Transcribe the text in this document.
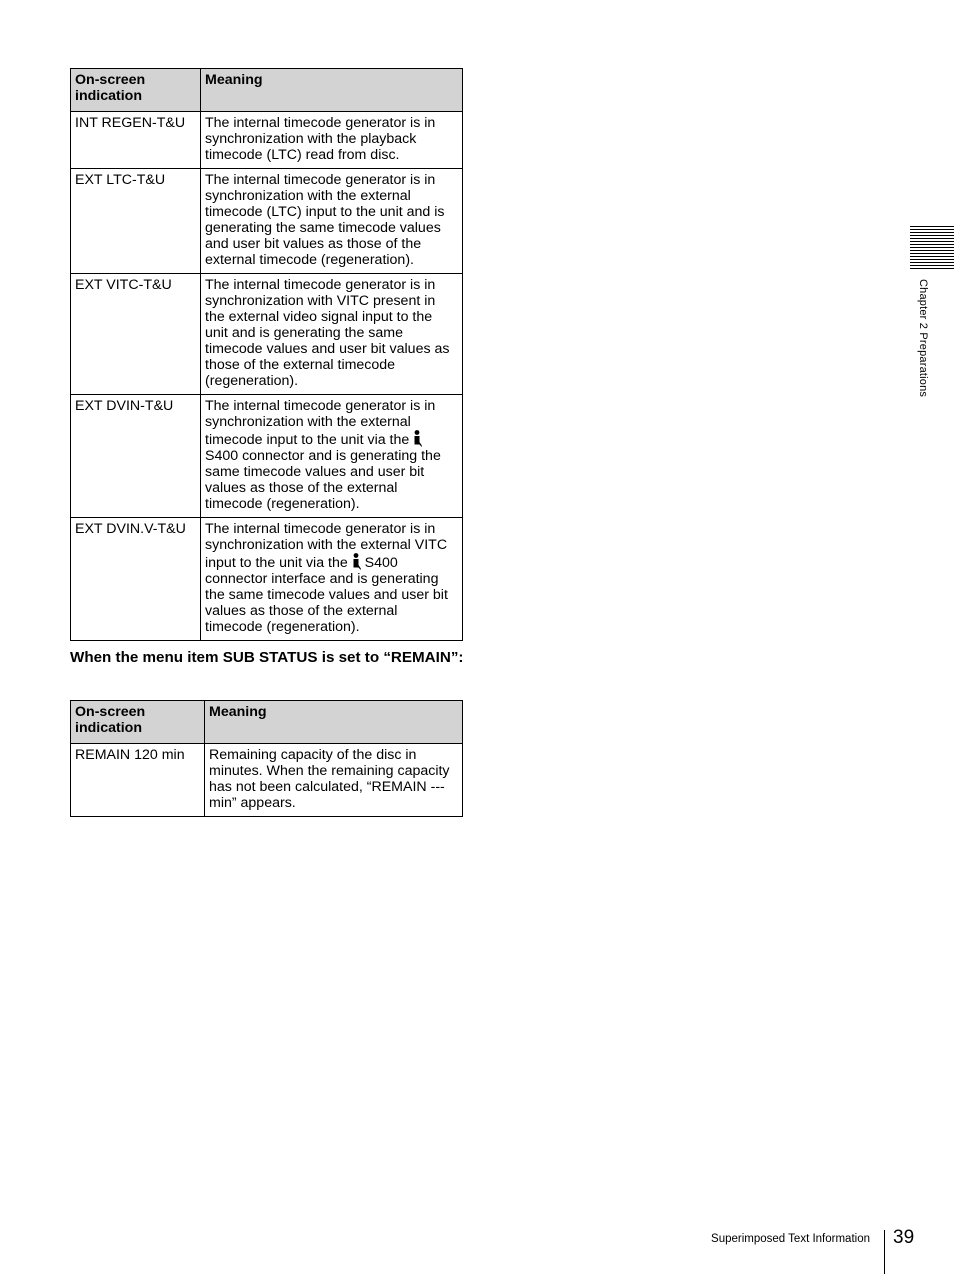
On-screen indication	Meaning
INT REGEN-T&U	The internal timecode generator is in synchronization with the playback timecode (LTC) read from disc.
EXT LTC-T&U	The internal timecode generator is in synchronization with the external timecode (LTC) input to the unit and is generating the same timecode values and user bit values as those of the external timecode (regeneration).
EXT VITC-T&U	The internal timecode generator is in synchronization with VITC present in the external video signal input to the unit and is generating the same timecode values and user bit values as those of the external timecode (regeneration).
EXT DVIN-T&U	The internal timecode generator is in synchronization with the external timecode input to the unit via the
S400 connector and is generating the same timecode values and user bit values as those of the external timecode (regeneration).
EXT DVIN.V-T&U	The internal timecode generator is in synchronization with the external VITC input to the unit via the S400 connector interface and is generating the same timecode values and user bit values as those of the external timecode (regeneration).
When the menu item SUB STATUS is set to “REMAIN”:
On-screen indication	Meaning
REMAIN 120 min	Remaining capacity of the disc in minutes. When the remaining capacity has not been calculated, “REMAIN --- min” appears.
Chapter 2 Preparations
Superimposed Text Information 39
